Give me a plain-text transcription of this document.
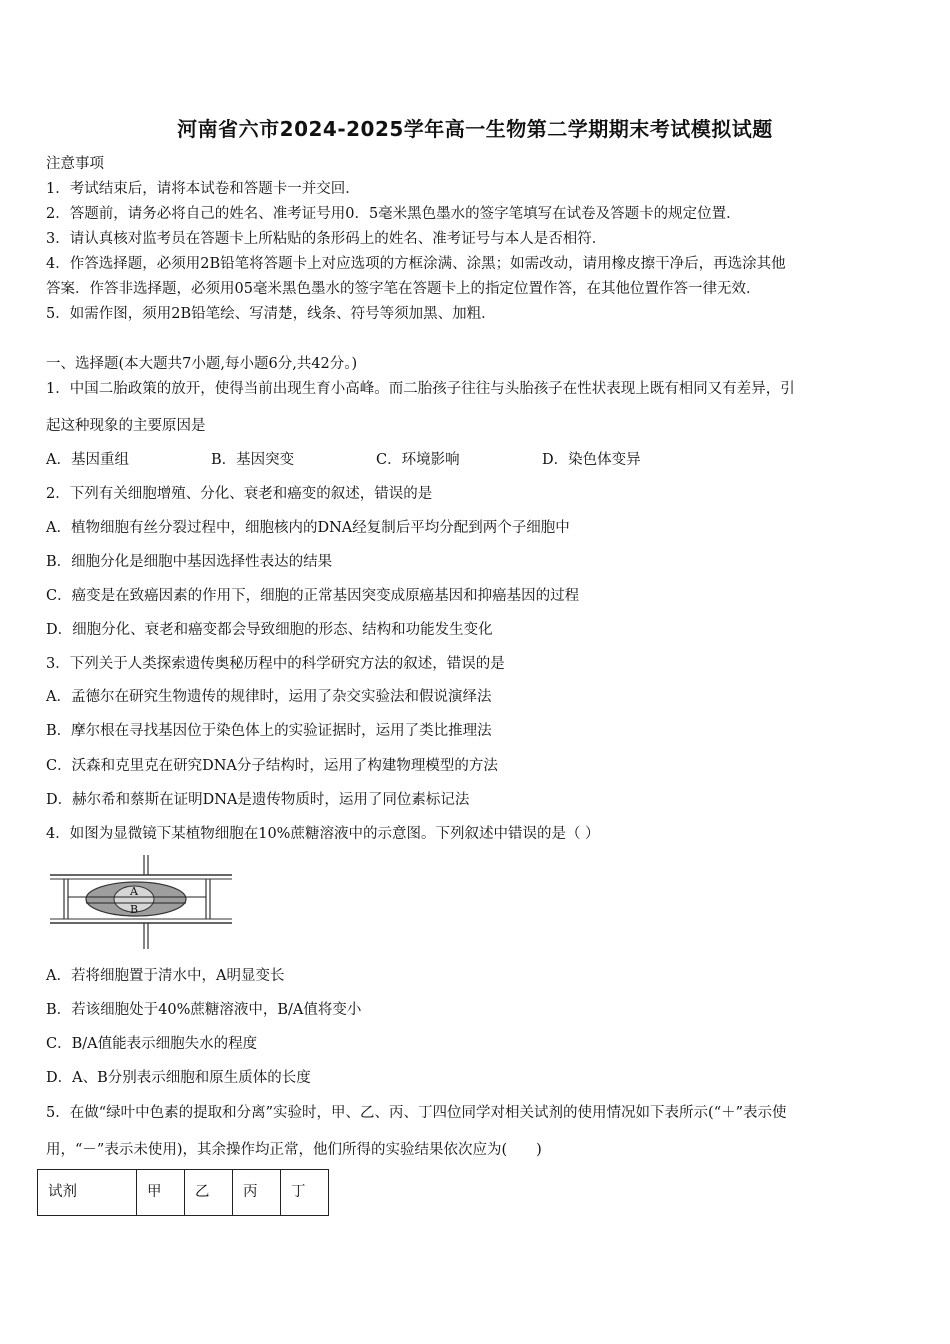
河南省六市2024-2025学年高一生物第二学期期末考试模拟试题
注意事项
1．考试结束后，请将本试卷和答题卡一并交回．
2．答题前，请务必将自己的姓名、准考证号用0．5毫米黑色墨水的签字笔填写在试卷及答题卡的规定位置．
3．请认真核对监考员在答题卡上所粘贴的条形码上的姓名、准考证号与本人是否相符．
4．作答选择题，必须用2B铅笔将答题卡上对应选项的方框涂满、涂黑；如需改动，请用橡皮擦干净后，再选涂其他
答案．作答非选择题，必须用05毫米黑色墨水的签字笔在答题卡上的指定位置作答，在其他位置作答一律无效．
5．如需作图，须用2B铅笔绘、写清楚，线条、符号等须加黑、加粗．
一、选择题(本大题共7小题,每小题6分,共42分。)
1．中国二胎政策的放开，使得当前出现生育小高峰。而二胎孩子往往与头胎孩子在性状表现上既有相同又有差异，引
起这种现象的主要原因是
A．基因重组	B．基因突变	C．环境影响	D．染色体变异
2．下列有关细胞增殖、分化、衰老和癌变的叙述，错误的是
A．植物细胞有丝分裂过程中，细胞核内的DNA经复制后平均分配到两个子细胞中
B．细胞分化是细胞中基因选择性表达的结果
C．癌变是在致癌因素的作用下，细胞的正常基因突变成原癌基因和抑癌基因的过程
D．细胞分化、衰老和癌变都会导致细胞的形态、结构和功能发生变化
3．下列关于人类探索遗传奥秘历程中的科学研究方法的叙述，错误的是
A．孟德尔在研究生物遗传的规律时，运用了杂交实验法和假说演绎法
B．摩尔根在寻找基因位于染色体上的实验证据时，运用了类比推理法
C．沃森和克里克在研究DNA分子结构时，运用了构建物理模型的方法
D．赫尔希和蔡斯在证明DNA是遗传物质时，运用了同位素标记法
4．如图为显微镜下某植物细胞在10%蔗糖溶液中的示意图。下列叙述中错误的是（ ）
A
B
A．若将细胞置于清水中，A明显变长
B．若该细胞处于40%蔗糖溶液中，B/A值将变小
C．B/A值能表示细胞失水的程度
D．A、B分别表示细胞和原生质体的长度
5．在做“绿叶中色素的提取和分离”实验时，甲、乙、丙、丁四位同学对相关试剂的使用情况如下表所示(“＋”表示使
用，“－”表示未使用)，其余操作均正常，他们所得的实验结果依次应为(　　)
试剂	甲	乙	丙	丁
